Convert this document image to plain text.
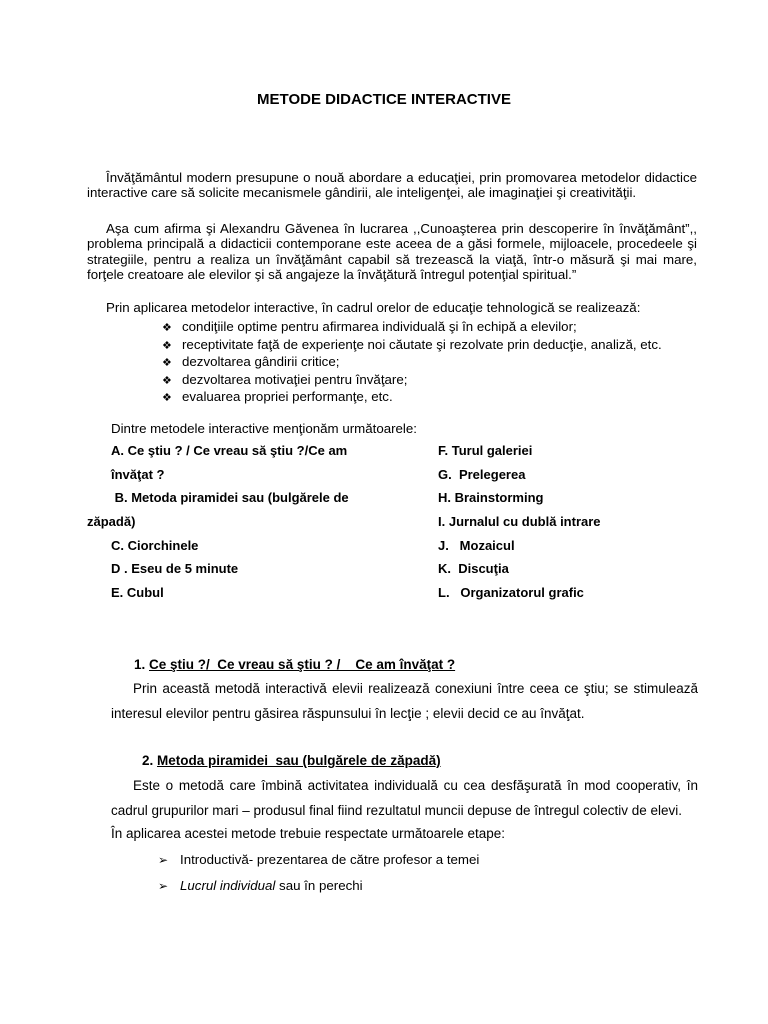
METODE DIDACTICE INTERACTIVE

Învăţământul modern presupune o nouă abordare a educaţiei, prin promovarea metodelor didactice interactive care să solicite mecanismele gândirii, ale inteligenţei, ale imaginaţiei şi creativităţii.

Aşa cum afirma şi Alexandru Găvenea în lucrarea ,,Cunoaşterea prin descoperire în învăţământ”,, problema principală a didacticii contemporane este aceea de a găsi formele, mijloacele, procedeele şi strategiile, pentru a realiza un învăţământ capabil să trezească la viaţă, într-o măsură şi mai mare, forţele creatoare ale elevilor şi să angajeze la învăţătură întregul potenţial spiritual.”

Prin aplicarea metodelor interactive, în cadrul orelor de educaţie tehnologică se realizează:

❖ condiţiile optime pentru afirmarea individuală şi în echipă a elevilor;
❖ receptivitate faţă de experienţe noi căutate şi rezolvate prin deducţie, analiză, etc.
❖ dezvoltarea gândirii critice;
❖ dezvoltarea motivaţiei pentru învăţare;
❖ evaluarea propriei performanţe, etc.
Dintre metodele interactive menţionăm următoarele:
A. Ce ştiu ? / Ce vreau să ştiu ?/Ce am
învăţat ?
B. Metoda piramidei sau (bulgărele de
zăpadă)
C. Ciorchinele
D . Eseu de 5 minute
E. Cubul
F. Turul galeriei
G.  Prelegerea
H. Brainstorming
I. Jurnalul cu dublă intrare
J.   Mozaicul
K.  Discuţia
L.   Organizatorul grafic
1. Ce ştiu ?/  Ce vreau să ştiu ? /    Ce am învăţat ?

Prin această metodă interactivă elevii realizează conexiuni între ceea ce ştiu; se stimulează interesul elevilor pentru găsirea răspunsului în lecţie ; elevii decid ce au învăţat.

2. Metoda piramidei  sau (bulgărele de zăpadă)

Este o metodă care îmbină activitatea individuală cu cea desfăşurată în mod cooperativ, în cadrul grupurilor mari – produsul final fiind rezultatul muncii depuse de întregul colectiv de elevi.

În aplicarea acestei metode trebuie respectate următoarele etape:

➢ Introductivă- prezentarea de către profesor a temei
➢ Lucrul individual sau în perechi
